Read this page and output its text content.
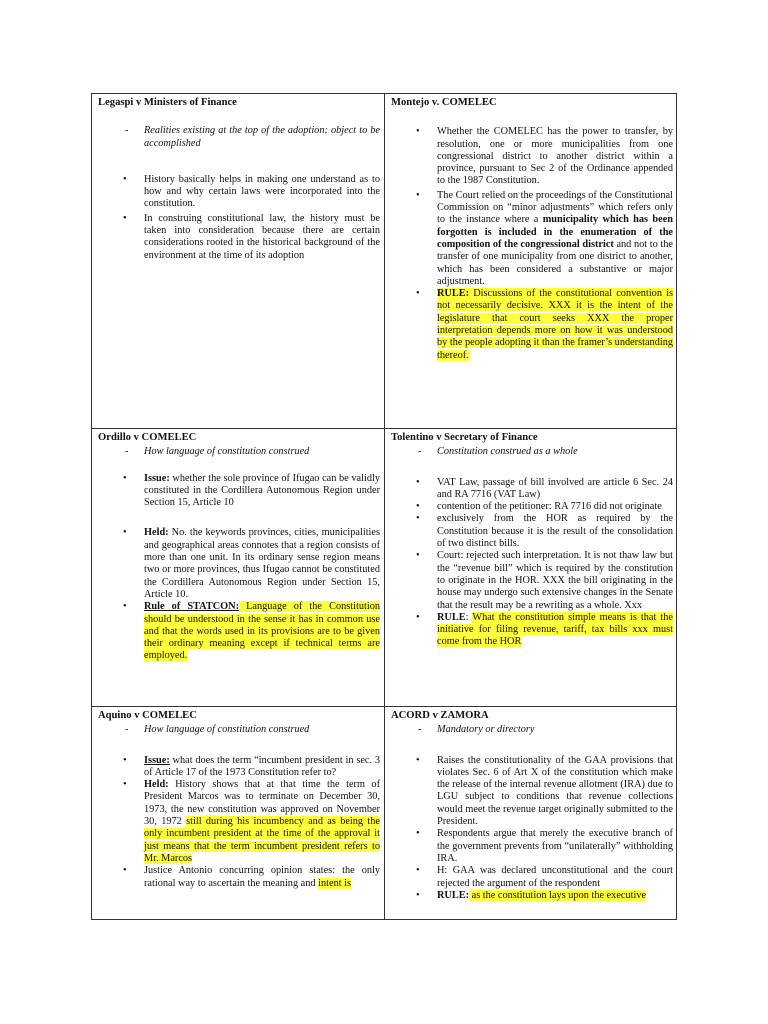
Legaspi v Ministers of Finance

-	Realities existing at the top of the adoption; object to be accomplished

•	History basically helps in making one understand as to how and why certain laws were incorporated into the constitution.

•	In construing constitutional law, the history must be taken into consideration because there are certain considerations rooted in the historical background of the environment at the time of its adoption

Montejo v. COMELEC

•	Whether the COMELEC has the power to transfer, by resolution, one or more municipalities from one congressional district to another district within a province, pursuant to Sec 2 of the Ordinance appended to the 1987 Constitution.

•	The Court relied on the proceedings of the Constitutional Commission on “minor adjustments” which refers only to the instance where a municipality which has been forgotten is included in the enumeration of the composition of the congressional district and not to the transfer of one municipality from one district to another, which has been considered a substantive or major adjustment.

•	RULE: Discussions of the constitutional convention is not necessarily decisive. XXX it is the intent of the legislature that court seeks XXX the proper interpretation depends more on how it was understood by the people adopting it than the framer’s understanding thereof.

Ordillo v COMELEC

-	How language of constitution construed

•	Issue: whether the sole province of Ifugao can be validly constituted in the Cordillera Autonomous Region under Section 15, Article 10

•	Held: No. the keywords provinces, cities, municipalities and geographical areas connotes that a region consists of more than one unit. In its ordinary sense region means two or more provinces, thus Ifugao cannot be constituted the Cordillera Autonomous Region under Section 15, Article 10.

•	Rule of STATCON: Language of the Constitution should be understood in the sense it has in common use and that the words used in its provisions are to be given their ordinary meaning except if technical terms are employed.

Tolentino v Secretary of Finance

-	Constitution construed as a whole

•	VAT Law, passage of bill involved are article 6 Sec. 24 and RA 7716 (VAT Law)

•	contention of the petitioner: RA 7716 did not originate

•	exclusively from the HOR as required by the Constitution because it is the result of the consolidation of two distinct bills.

•	Court: rejected such interpretation. It is not thaw law but the “revenue bill” which is required by the constitution to originate in the HOR. XXX the bill originating in the house may undergo such extensive changes in the Senate that the result may be a rewriting as a whole. Xxx

•	RULE: What the constitution simple means is that the initiative for filing revenue, tariff, tax bills xxx must come from the HOR

Aquino v COMELEC

-	How language of constitution construed

•	Issue: what does the term “incumbent president in sec. 3 of Article 17 of the 1973 Constitution refer to?

•	Held: History shows that at that time the term of President Marcos was to terminate on December 30, 1973, the new constitution was approved on November 30, 1972 still during his incumbency and as being the only incumbent president at the time of the approval it just means that the term incumbent president refers to Mr. Marcos

•	Justice Antonio concurring opinion states: the only rational way to ascertain the meaning and intent is

ACORD v ZAMORA

-	Mandatory or directory

•	Raises the constitutionality of the GAA provisions that violates Sec. 6 of Art X of the constitution which make the release of the internal revenue allotment (IRA) due to LGU subject to conditions that revenue collections would meet the revenue target originally submitted to the President.

•	Respondents argue that merely the executive branch of the government prevents from “unilaterally” withholding IRA.

•	H: GAA was declared unconstitutional and the court rejected the argument of the respondent

•	RULE: as the constitution lays upon the executive
